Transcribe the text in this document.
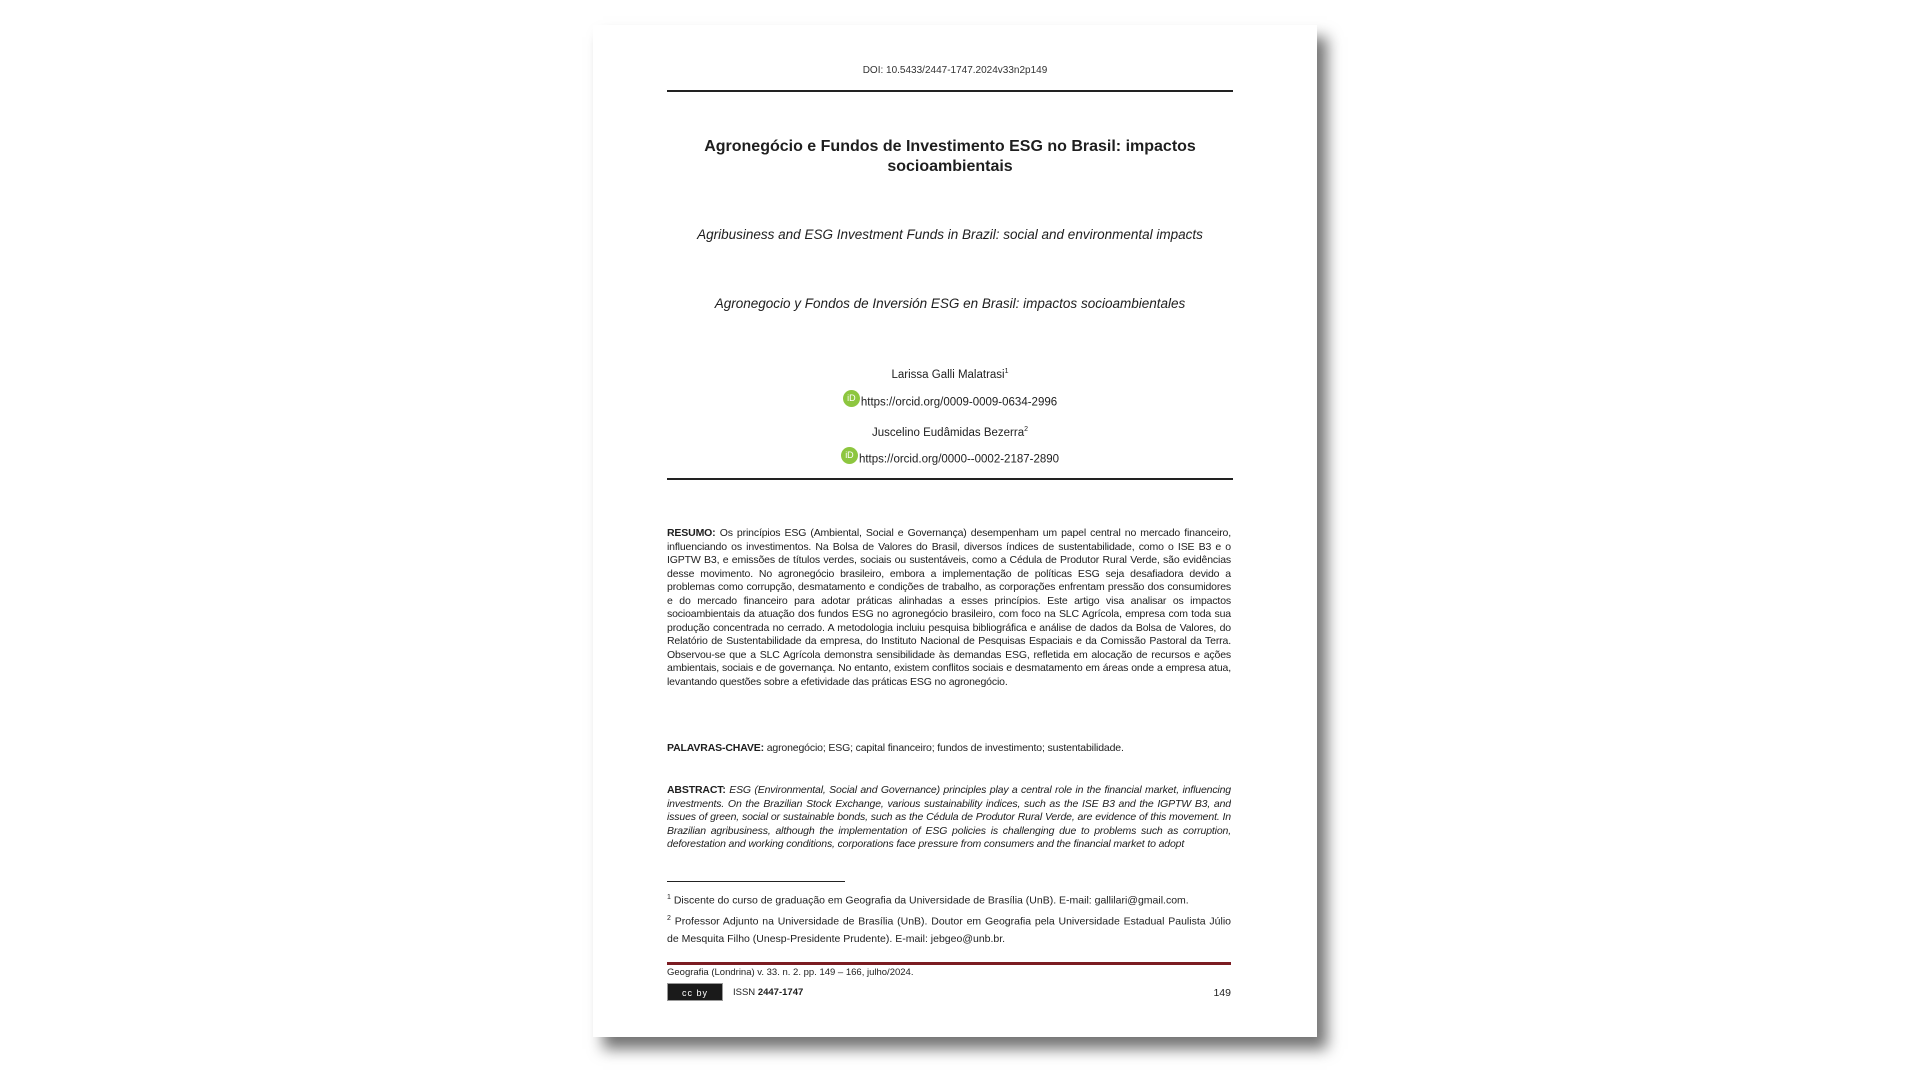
DOI: 10.5433/2447-1747.2024v33n2p149
Agronegócio e Fundos de Investimento ESG no Brasil: impactos socioambientais
Agribusiness and ESG Investment Funds in Brazil: social and environmental impacts
Agronegocio y Fondos de Inversión ESG en Brasil: impactos socioambientales
Larissa Galli Malatrasi$^1$
iD https://orcid.org/0009-0009-0634-2996
Juscelino Eudâmidas Bezerra$^2$
iD https://orcid.org/0000--0002-2187-2890
RESUMO: Os princípios ESG (Ambiental, Social e Governança) desempenham um papel central no mercado financeiro, influenciando os investimentos. Na Bolsa de Valores do Brasil, diversos índices de sustentabilidade, como o ISE B3 e o IGPTW B3, e emissões de títulos verdes, sociais ou sustentáveis, como a Cédula de Produtor Rural Verde, são evidências desse movimento. No agronegócio brasileiro, embora a implementação de políticas ESG seja desafiadora devido a problemas como corrupção, desmatamento e condições de trabalho, as corporações enfrentam pressão dos consumidores e do mercado financeiro para adotar práticas alinhadas a esses princípios. Este artigo visa analisar os impactos socioambientais da atuação dos fundos ESG no agronegócio brasileiro, com foco na SLC Agrícola, empresa com toda sua produção concentrada no cerrado. A metodologia incluiu pesquisa bibliográfica e análise de dados da Bolsa de Valores, do Relatório de Sustentabilidade da empresa, do Instituto Nacional de Pesquisas Espaciais e da Comissão Pastoral da Terra. Observou-se que a SLC Agrícola demonstra sensibilidade às demandas ESG, refletida em alocação de recursos e ações ambientais, sociais e de governança. No entanto, existem conflitos sociais e desmatamento em áreas onde a empresa atua, levantando questões sobre a efetividade das práticas ESG no agronegócio.
PALAVRAS-CHAVE: agronegócio; ESG; capital financeiro; fundos de investimento; sustentabilidade.
ABSTRACT: ESG (Environmental, Social and Governance) principles play a central role in the financial market, influencing investments. On the Brazilian Stock Exchange, various sustainability indices, such as the ISE B3 and the IGPTW B3, and issues of green, social or sustainable bonds, such as the Cédula de Produtor Rural Verde, are evidence of this movement. In Brazilian agribusiness, although the implementation of ESG policies is challenging due to problems such as corruption, deforestation and working conditions, corporations face pressure from consumers and the financial market to adopt
$^1$ Discente do curso de graduação em Geografia da Universidade de Brasília (UnB). E-mail: gallilari@gmail.com.
$^2$ Professor Adjunto na Universidade de Brasília (UnB). Doutor em Geografia pela Universidade Estadual Paulista Júlio de Mesquita Filho (Unesp-Presidente Prudente). E-mail: jebgeo@unb.br.
Geografia (Londrina) v. 33. n. 2. pp. 149 – 166, julho/2024.
cc by	ISSN 2447-1747	149
